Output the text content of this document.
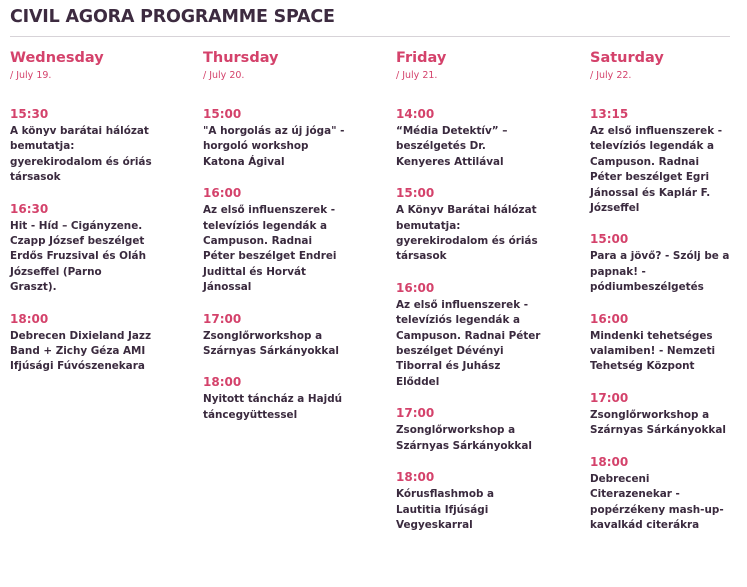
CIVIL AGORA PROGRAMME SPACE
Wednesday

/ July 19.

15:30

A könyv barátai hálózat bemutatja: gyerekirodalom és óriás társasok

16:30

Hit - Híd – Cigányzene. Czapp József beszélget Erdős Fruzsival és Oláh Józseffel (Parno Graszt).

18:00

Debrecen Dixieland Jazz Band + Zichy Géza AMI Ifjúsági Fúvószenekara

Thursday

/ July 20.

15:00

"A horgolás az új jóga" - horgoló workshop Katona Ágival

16:00

Az első influenszerek - televíziós legendák a Campuson. Radnai Péter beszélget Endrei Judittal és Horvát Jánossal

17:00

Zsonglőrworkshop a Szárnyas Sárkányokkal

18:00

Nyitott táncház a Hajdú táncegyüttessel

Friday

/ July 21.

14:00

“Média Detektív” – beszélgetés Dr. Kenyeres Attilával

15:00

A Könyv Barátai hálózat bemutatja: gyerekirodalom és óriás társasok

16:00

Az első influenszerek - televíziós legendák a Campuson. Radnai Péter beszélget Dévényi Tiborral és Juhász Előddel

17:00

Zsonglőrworkshop a Szárnyas Sárkányokkal

18:00

Kórusflashmob a Lautitia Ifjúsági Vegyeskarral

Saturday

/ July 22.

13:15

Az első influenszerek - televíziós legendák a Campuson. Radnai Péter beszélget Egri Jánossal és Kaplár F. Józseffel

15:00

Para a jövő? - Szólj be a papnak! - pódiumbeszélgetés

16:00

Mindenki tehetséges valamiben! - Nemzeti Tehetség Központ

17:00

Zsonglőrworkshop a Szárnyas Sárkányokkal

18:00

Debreceni Citerazenekar - popérzékeny mash-up-kavalkád citerákra
